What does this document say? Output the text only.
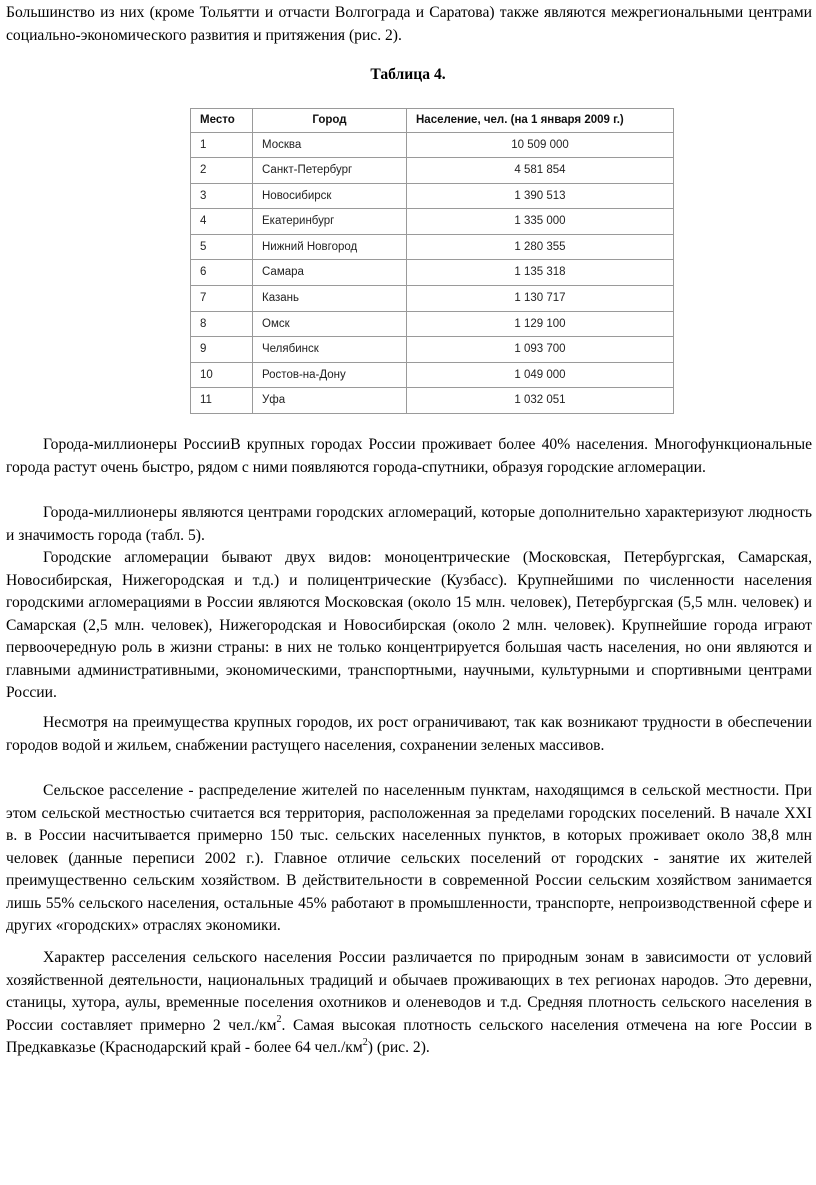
Большинство из них (кроме Тольятти и отчасти Волгограда и Саратова) также являются межрегиональными центрами социально-экономического развития и притяжения (рис. 2).

Таблица 4.
Место	Город	Население, чел. (на 1 января 2009 г.)
1	Москва	10 509 000
2	Санкт-Петербург	4 581 854
3	Новосибирск	1 390 513
4	Екатеринбург	1 335 000
5	Нижний Новгород	1 280 355
6	Самара	1 135 318
7	Казань	1 130 717
8	Омск	1 129 100
9	Челябинск	1 093 700
10	Ростов-на-Дону	1 049 000
11	Уфа	1 032 051

Города-миллионеры РоссииВ крупных городах России проживает более 40% населения. Многофункциональные города растут очень быстро, рядом с ними появляются города-спутники, образуя городские агломерации.

Города-миллионеры являются центрами городских агломераций, которые дополнительно характеризуют людность и значимость города (табл. 5).

Городские агломерации бывают двух видов: моноцентрические (Московская, Петербургская, Самарская, Новосибирская, Нижегородская и т.д.) и полицентрические (Кузбасс). Крупнейшими по численности населения городскими агломерациями в России являются Московская (около 15 млн. человек), Петербургская (5,5 млн. человек) и Самарская (2,5 млн. человек), Нижегородская и Новосибирская (около 2 млн. человек). Крупнейшие города играют первоочередную роль в жизни страны: в них не только концентрируется большая часть населения, но они являются и главными административными, экономическими, транспортными, научными, культурными и спортивными центрами России.

Несмотря на преимущества крупных городов, их рост ограничивают, так как возникают трудности в обеспечении городов водой и жильем, снабжении растущего населения, сохранении зеленых массивов.

Сельское расселение - распределение жителей по населенным пунктам, находящимся в сельской местности. При этом сельской местностью считается вся территория, расположенная за пределами городских поселений. В начале XXI в. в России насчитывается примерно 150 тыс. сельских населенных пунктов, в которых проживает около 38,8 млн человек (данные переписи 2002 г.). Главное отличие сельских поселений от городских - занятие их жителей преимущественно сельским хозяйством. В действительности в современной России сельским хозяйством занимается лишь 55% сельского населения, остальные 45% работают в промышленности, транспорте, непроизводственной сфере и других «городских» отраслях экономики.

Характер расселения сельского населения России различается по природным зонам в зависимости от условий хозяйственной деятельности, национальных традиций и обычаев проживающих в тех регионах народов. Это деревни, станицы, хутора, аулы, временные поселения охотников и оленеводов и т.д. Средняя плотность сельского населения в России составляет примерно 2 $чел./км^2$. Самая высокая плотность сельского населения отмечена на юге России в Предкавказье (Краснодарский край - более 64 $чел./км^2$) (рис. 2).
